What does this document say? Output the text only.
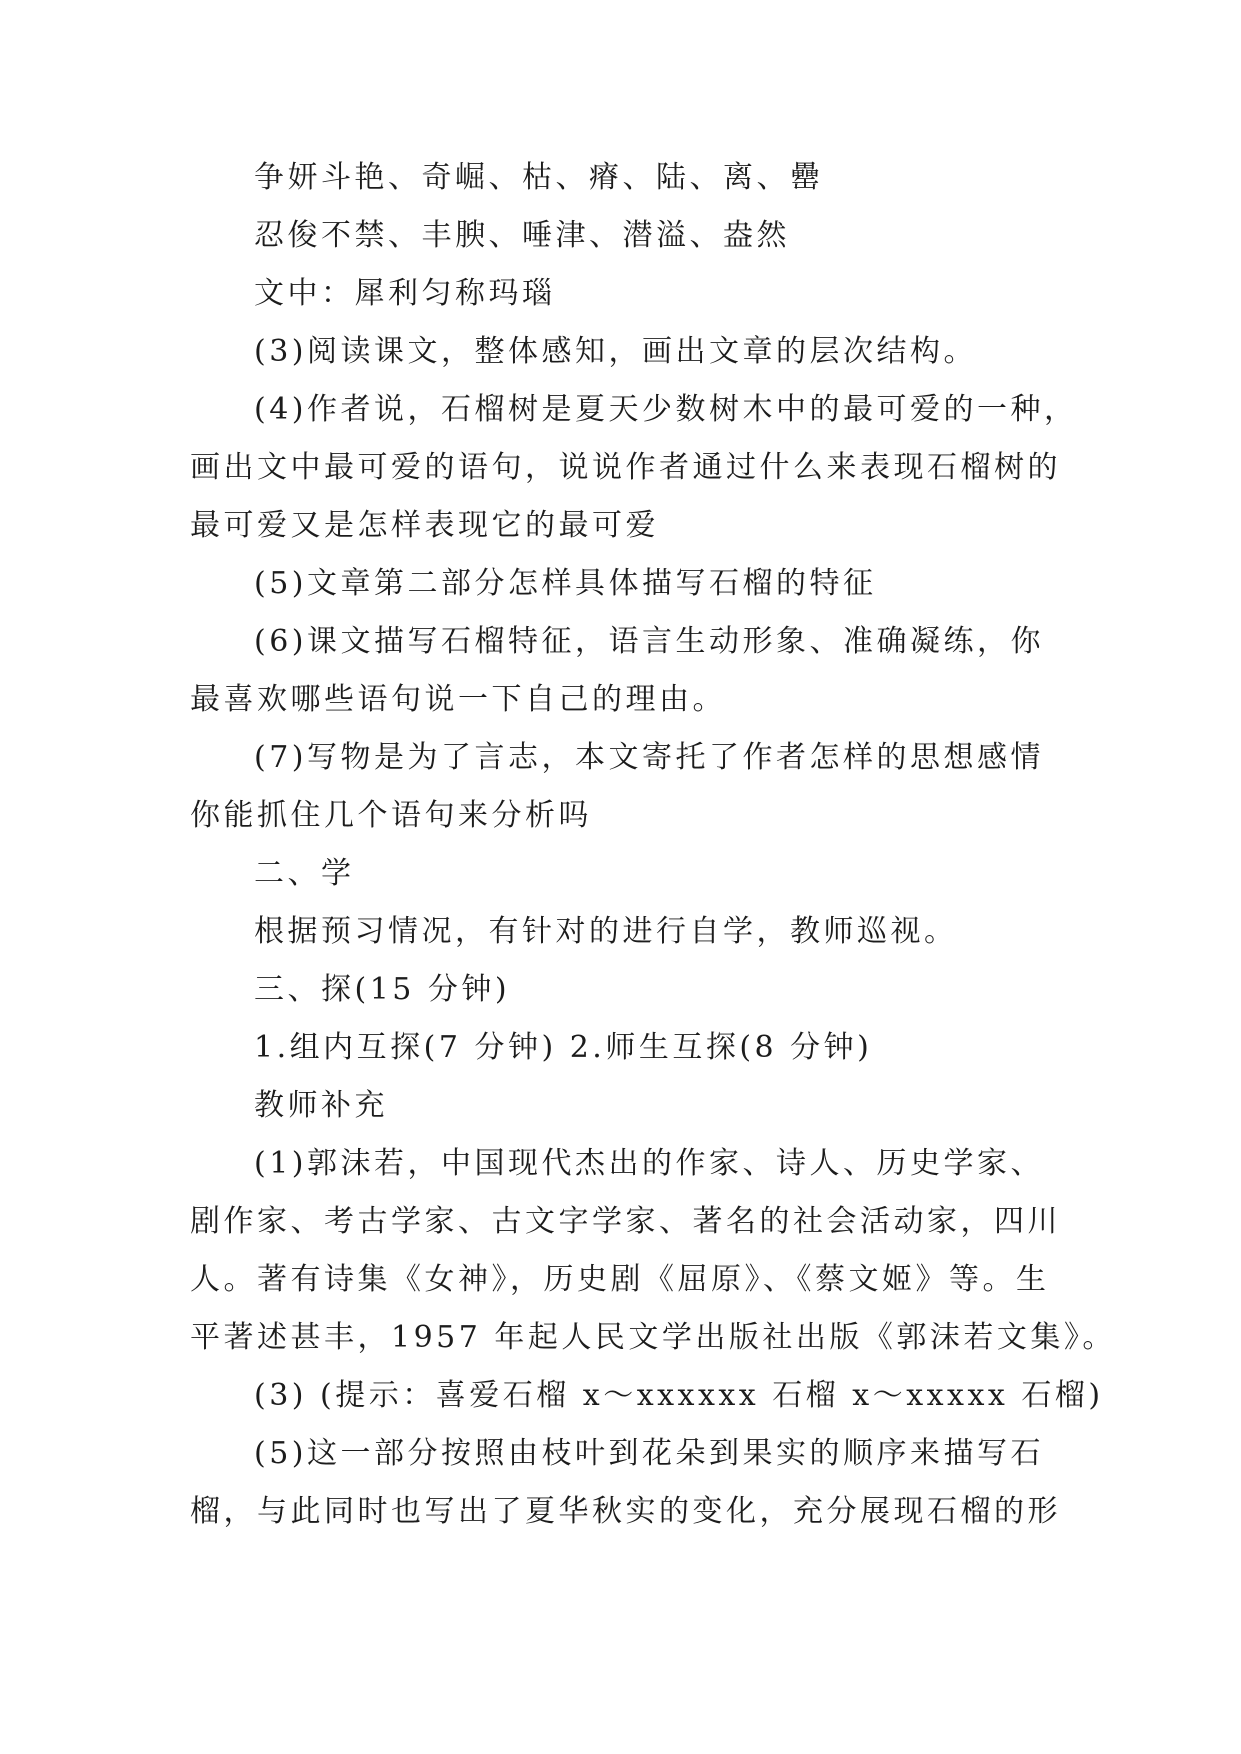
争妍斗艳、奇崛、枯、瘠、陆、离、罍

忍俊不禁、丰腴、唾津、潜溢、盎然

文中：犀利匀称玛瑙

(3)阅读课文，整体感知，画出文章的层次结构。

(4)作者说，石榴树是夏天少数树木中的最可爱的一种，

画出文中最可爱的语句，说说作者通过什么来表现石榴树的

最可爱又是怎样表现它的最可爱

(5)文章第二部分怎样具体描写石榴的特征

(6)课文描写石榴特征，语言生动形象、准确凝练，你

最喜欢哪些语句说一下自己的理由。

(7)写物是为了言志，本文寄托了作者怎样的思想感情

你能抓住几个语句来分析吗

二、学

根据预习情况，有针对的进行自学，教师巡视。

三、探(15 分钟)

1.组内互探(7 分钟) 2.师生互探(8 分钟)

教师补充

(1)郭沫若，中国现代杰出的作家、诗人、历史学家、

剧作家、考古学家、古文字学家、著名的社会活动家，四川

人。著有诗集《女神》，历史剧《屈原》、《蔡文姬》等。生

平著述甚丰，1957 年起人民文学出版社出版《郭沫若文集》。

(3) (提示：喜爱石榴 x～xxxxxx 石榴 x～xxxxx 石榴)

(5)这一部分按照由枝叶到花朵到果实的顺序来描写石

榴，与此同时也写出了夏华秋实的变化，充分展现石榴的形
